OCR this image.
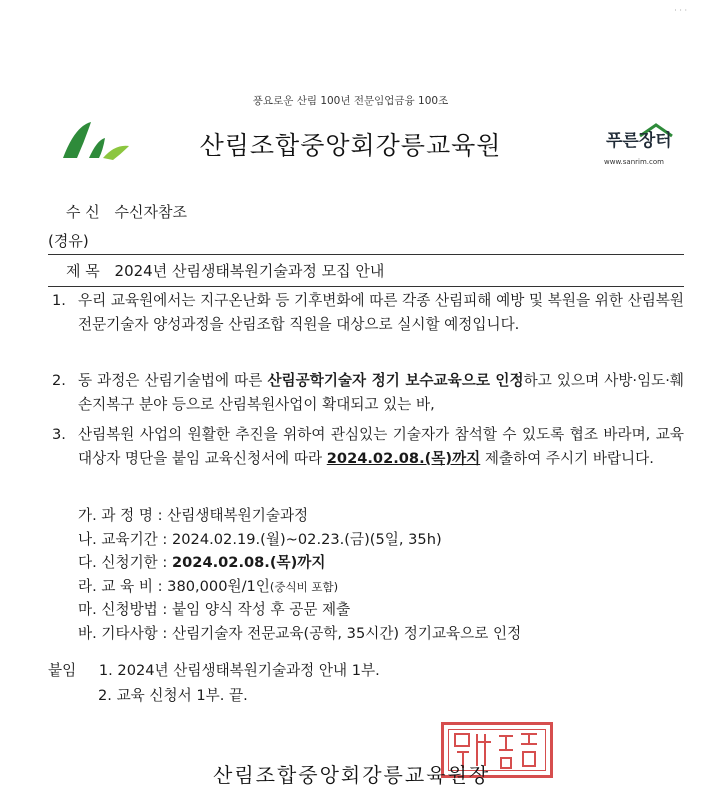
· · ·
풍요로운 산림 100년 전문임업금융 100조
산림조합중앙회강릉교육원	푸른장터
www.sanrim.com
수 신 수신자참조
(경유)
제 목 2024년 산림생태복원기술과정 모집 안내
1. 우리 교육원에서는 지구온난화 등 기후변화에 따른 각종 산림피해 예방 및 복원을 위한 산림복원 전문기술자 양성과정을 산림조합 직원을 대상으로 실시할 예정입니다.
2. 동 과정은 산림기술법에 따른 산림공학기술자 정기 보수교육으로 인정하고 있으며 사방·임도·훼손지복구 분야 등으로 산림복원사업이 확대되고 있는 바,
3. 산림복원 사업의 원활한 추진을 위하여 관심있는 기술자가 참석할 수 있도록 협조 바라며, 교육대상자 명단을 붙임 교육신청서에 따라 2024.02.08.(목)까지 제출하여 주시기 바랍니다.
가. 과 정 명 : 산림생태복원기술과정
나. 교육기간 : 2024.02.19.(월)~02.23.(금)(5일, 35h)
다. 신청기한 : 2024.02.08.(목)까지
라. 교 육 비 : 380,000원/1인(중식비 포함)
마. 신청방법 : 붙임 양식 작성 후 공문 제출
바. 기타사항 : 산림기술자 전문교육(공학, 35시간) 정기교육으로 인정
붙임 1. 2024년 산림생태복원기술과정 안내 1부.
2. 교육 신청서 1부. 끝.
산림조합중앙회강릉교육원장
